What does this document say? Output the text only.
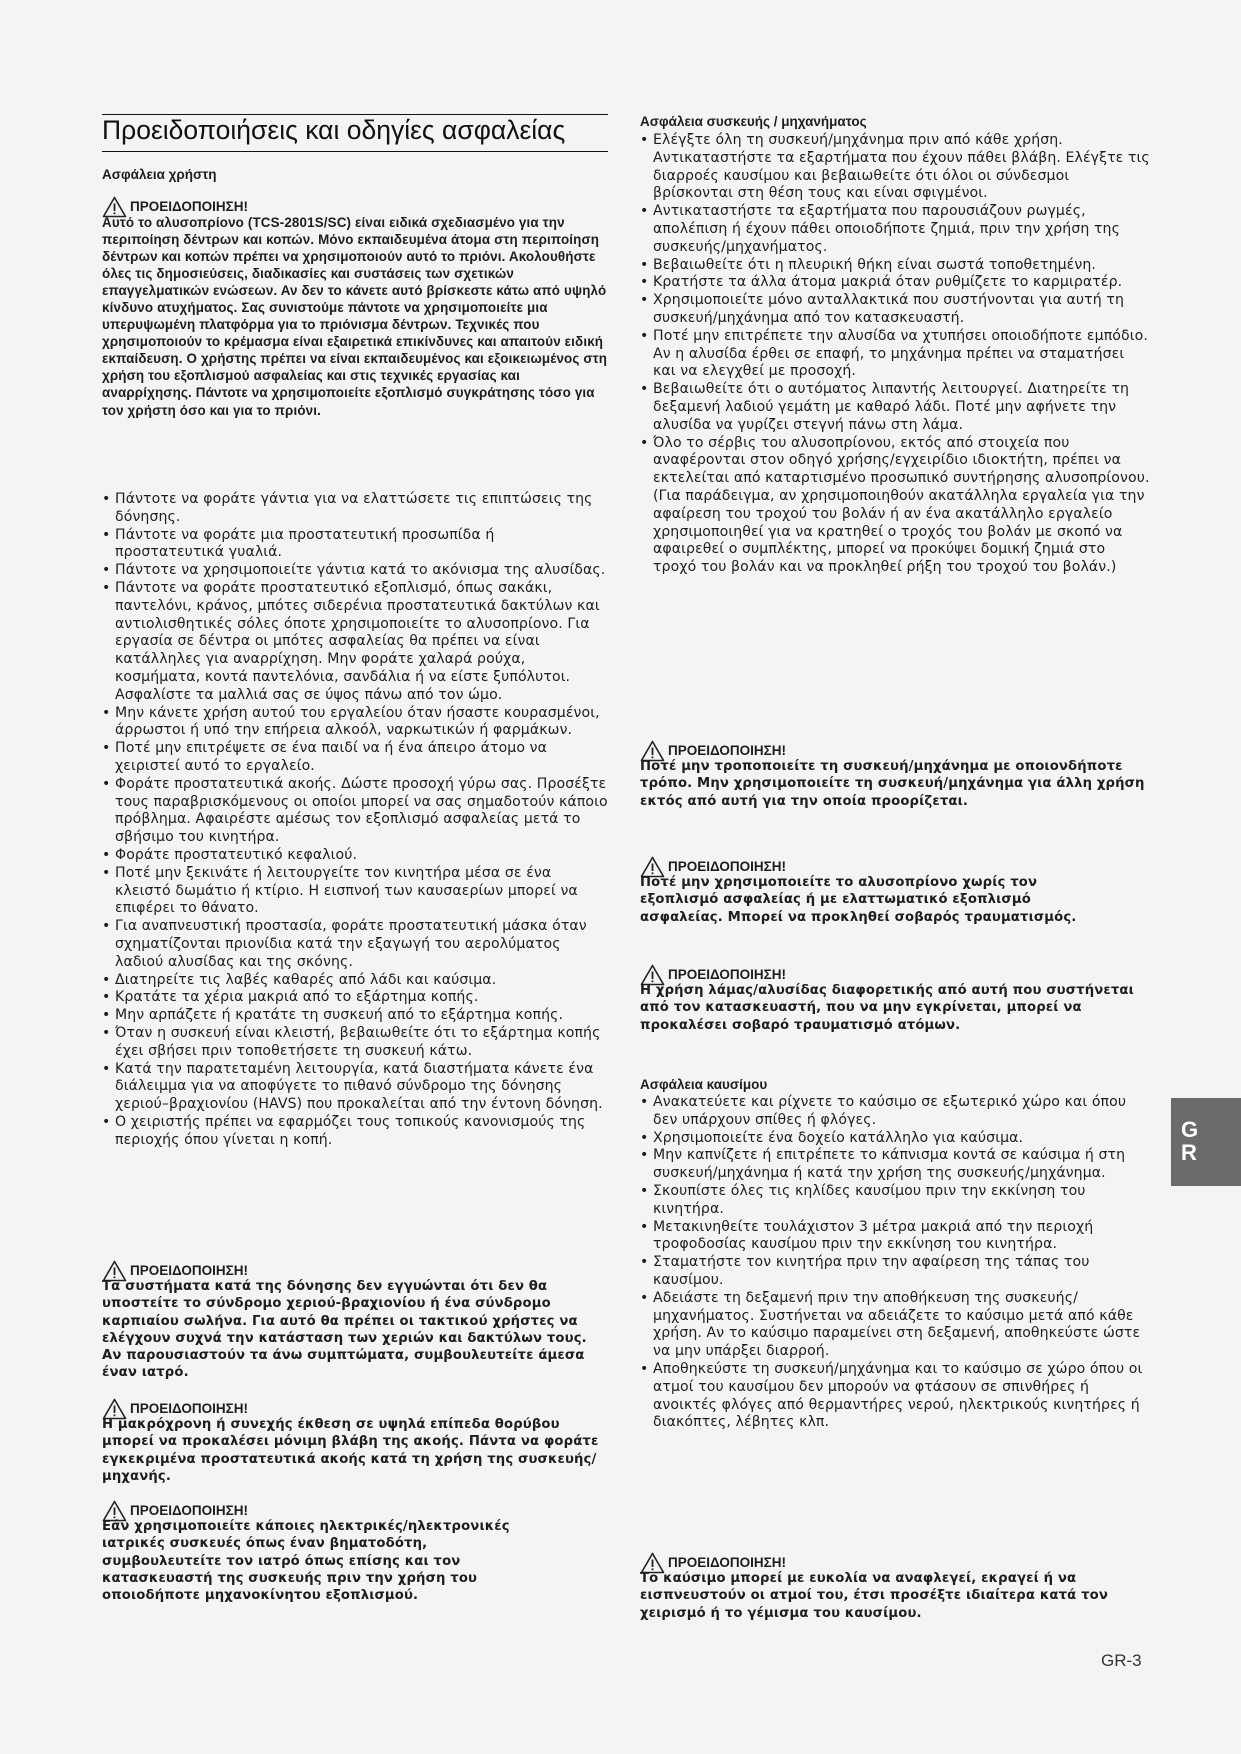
Προειδοποιήσεις και οδηγίες ασφαλείας
Ασφάλεια χρήστη
ΠΡΟΕΙΔΟΠΟΙΗΣΗ!

Αυτό το αλυσοπρίονο (TCS-2801S/SC) είναι ειδικά σχεδιασμένο για την περιποίηση δέντρων και κοπών. Μόνο εκπαιδευμένα άτομα στη περιποίηση δέντρων και κοπών πρέπει να χρησιμοποιούν αυτό το πριόνι. Ακολουθήστε όλες τις δημοσιεύσεις, διαδικασίες και συστάσεις των σχετικών επαγγελματικών ενώσεων. Αν δεν το κάνετε αυτό βρίσκεστε κάτω από υψηλό κίνδυνο ατυχήματος. Σας συνιστούμε πάντοτε να χρησιμοποιείτε μια υπερυψωμένη πλατφόρμα για το πριόνισμα δέντρων. Τεχνικές που χρησιμοποιούν το κρέμασμα είναι εξαιρετικά επικίνδυνες και απαιτούν ειδική εκπαίδευση. Ο χρήστης πρέπει να είναι εκπαιδευμένος και εξοικειωμένος στη χρήση του εξοπλισμού ασφαλείας και στις τεχνικές εργασίας και αναρρίχησης. Πάντοτε να χρησιμοποιείτε εξοπλισμό συγκράτησης τόσο για τον χρήστη όσο και για το πριόνι.

• Πάντοτε να φοράτε γάντια για να ελαττώσετε τις επιπτώσεις της δόνησης.
• Πάντοτε να φοράτε μια προστατευτική προσωπίδα ή προστατευτικά γυαλιά.
• Πάντοτε να χρησιμοποιείτε γάντια κατά το ακόνισμα της αλυσίδας.
• Πάντοτε να φοράτε προστατευτικό εξοπλισμό, όπως σακάκι, παντελόνι, κράνος, μπότες σιδερένια προστατευτικά δακτύλων και αντιολισθητικές σόλες όποτε χρησιμοποιείτε το αλυσοπρίονο. Για εργασία σε δέντρα οι μπότες ασφαλείας θα πρέπει να είναι κατάλληλες για αναρρίχηση. Μην φοράτε χαλαρά ρούχα, κοσμήματα, κοντά παντελόνια, σανδάλια ή να είστε ξυπόλυτοι. Ασφαλίστε τα μαλλιά σας σε ύψος πάνω από τον ώμο.
• Μην κάνετε χρήση αυτού του εργαλείου όταν ήσαστε κουρασμένοι, άρρωστοι ή υπό την επήρεια αλκοόλ, ναρκωτικών ή φαρμάκων.
• Ποτέ μην επιτρέψετε σε ένα παιδί να ή ένα άπειρο άτομο να χειριστεί αυτό το εργαλείο.
• Φοράτε προστατευτικά ακοής. Δώστε προσοχή γύρω σας. Προσέξτε τους παραβρισκόμενους οι οποίοι μπορεί να σας σημαδοτούν κάποιο πρόβλημα. Αφαιρέστε αμέσως τον εξοπλισμό ασφαλείας μετά το σβήσιμο του κινητήρα.
• Φοράτε προστατευτικό κεφαλιού.
• Ποτέ μην ξεκινάτε ή λειτουργείτε τον κινητήρα μέσα σε ένα κλειστό δωμάτιο ή κτίριο. Η εισπνοή των καυσαερίων μπορεί να επιφέρει το θάνατο.
• Για αναπνευστική προστασία, φοράτε προστατευτική μάσκα όταν σχηματίζονται πριονίδια κατά την εξαγωγή του αερολύματος λαδιού αλυσίδας και της σκόνης.
• Διατηρείτε τις λαβές καθαρές από λάδι και καύσιμα.
• Κρατάτε τα χέρια μακριά από το εξάρτημα κοπής.
• Μην αρπάζετε ή κρατάτε τη συσκευή από το εξάρτημα κοπής.
• Όταν η συσκευή είναι κλειστή, βεβαιωθείτε ότι το εξάρτημα κοπής έχει σβήσει πριν τοποθετήσετε τη συσκευή κάτω.
• Κατά την παρατεταμένη λειτουργία, κατά διαστήματα κάνετε ένα διάλειμμα για να αποφύγετε το πιθανό σύνδρομο της δόνησης χεριού–βραχιονίου (HAVS) που προκαλείται από την έντονη δόνηση.
• Ο χειριστής πρέπει να εφαρμόζει τους τοπικούς κανονισμούς της περιοχής όπου γίνεται η κοπή.
ΠΡΟΕΙΔΟΠΟΙΗΣΗ!

Τα συστήματα κατά της δόνησης δεν εγγυώνται ότι δεν θα υποστείτε το σύνδρομο χεριού-βραχιονίου ή ένα σύνδρομο καρπιαίου σωλήνα. Για αυτό θα πρέπει οι τακτικού χρήστες να ελέγχουν συχνά την κατάσταση των χεριών και δακτύλων τους. Αν παρουσιαστούν τα άνω συμπτώματα, συμβουλευτείτε άμεσα έναν ιατρό.

ΠΡΟΕΙΔΟΠΟΙΗΣΗ!

Η μακρόχρονη ή συνεχής έκθεση σε υψηλά επίπεδα θορύβου μπορεί να προκαλέσει μόνιμη βλάβη της ακοής. Πάντα να φοράτε εγκεκριμένα προστατευτικά ακοής κατά τη χρήση της συσκευής/μηχανής.

ΠΡΟΕΙΔΟΠΟΙΗΣΗ!

Εάν χρησιμοποιείτε κάποιες ηλεκτρικές/ηλεκτρονικές ιατρικές συσκευές όπως έναν βηματοδότη, συμβουλευτείτε τον ιατρό όπως επίσης και τον κατασκευαστή της συσκευής πριν την χρήση του οποιοδήποτε μηχανοκίνητου εξοπλισμού.

Ασφάλεια συσκευής / μηχανήματος
• Ελέγξτε όλη τη συσκευή/μηχάνημα πριν από κάθε χρήση. Αντικαταστήστε τα εξαρτήματα που έχουν πάθει βλάβη. Ελέγξτε τις διαρροές καυσίμου και βεβαιωθείτε ότι όλοι οι σύνδεσμοι βρίσκονται στη θέση τους και είναι σφιγμένοι.
• Αντικαταστήστε τα εξαρτήματα που παρουσιάζουν ρωγμές, απολέπιση ή έχουν πάθει οποιοδήποτε ζημιά, πριν την χρήση της συσκευής/μηχανήματος.
• Βεβαιωθείτε ότι η πλευρική θήκη είναι σωστά τοποθετημένη.
• Κρατήστε τα άλλα άτομα μακριά όταν ρυθμίζετε το καρμιρατέρ.
• Χρησιμοποιείτε μόνο ανταλλακτικά που συστήνονται για αυτή τη συσκευή/μηχάνημα από τον κατασκευαστή.
• Ποτέ μην επιτρέπετε την αλυσίδα να χτυπήσει οποιοδήποτε εμπόδιο. Αν η αλυσίδα έρθει σε επαφή, το μηχάνημα πρέπει να σταματήσει και να ελεγχθεί με προσοχή.
• Βεβαιωθείτε ότι ο αυτόματος λιπαντής λειτουργεί. Διατηρείτε τη δεξαμενή λαδιού γεμάτη με καθαρό λάδι. Ποτέ μην αφήνετε την αλυσίδα να γυρίζει στεγνή πάνω στη λάμα.
• Όλο το σέρβις του αλυσοπρίονου, εκτός από στοιχεία που αναφέρονται στον οδηγό χρήσης/εγχειρίδιο ιδιοκτήτη, πρέπει να εκτελείται από καταρτισμένο προσωπικό συντήρησης αλυσοπρίονου. (Για παράδειγμα, αν χρησιμοποιηθούν ακατάλληλα εργαλεία για την αφαίρεση του τροχού του βολάν ή αν ένα ακατάλληλο εργαλείο χρησιμοποιηθεί για να κρατηθεί ο τροχός του βολάν με σκοπό να αφαιρεθεί ο συμπλέκτης, μπορεί να προκύψει δομική ζημιά στο τροχό του βολάν και να προκληθεί ρήξη του τροχού του βολάν.)
ΠΡΟΕΙΔΟΠΟΙΗΣΗ!

Ποτέ μην τροποποιείτε τη συσκευή/μηχάνημα με οποιονδήποτε τρόπο. Μην χρησιμοποιείτε τη συσκευή/μηχάνημα για άλλη χρήση εκτός από αυτή για την οποία προορίζεται.

ΠΡΟΕΙΔΟΠΟΙΗΣΗ!

Ποτέ μην χρησιμοποιείτε το αλυσοπρίονο χωρίς τον εξοπλισμό ασφαλείας ή με ελαττωματικό εξοπλισμό ασφαλείας. Μπορεί να προκληθεί σοβαρός τραυματισμός.

ΠΡΟΕΙΔΟΠΟΙΗΣΗ!

Η χρήση λάμας/αλυσίδας διαφορετικής από αυτή που συστήνεται από τον κατασκευαστή, που να μην εγκρίνεται, μπορεί να προκαλέσει σοβαρό τραυματισμό ατόμων.

Ασφάλεια καυσίμου
• Ανακατεύετε και ρίχνετε το καύσιμο σε εξωτερικό χώρο και όπου δεν υπάρχουν σπίθες ή φλόγες.
• Χρησιμοποιείτε ένα δοχείο κατάλληλο για καύσιμα.
• Μην καπνίζετε ή επιτρέπετε το κάπνισμα κοντά σε καύσιμα ή στη συσκευή/μηχάνημα ή κατά την χρήση της συσκευής/μηχάνημα.
• Σκουπίστε όλες τις κηλίδες καυσίμου πριν την εκκίνηση του κινητήρα.
• Μετακινηθείτε τουλάχιστον 3 μέτρα μακριά από την περιοχή τροφοδοσίας καυσίμου πριν την εκκίνηση του κινητήρα.
• Σταματήστε τον κινητήρα πριν την αφαίρεση της τάπας του καυσίμου.
• Αδειάστε τη δεξαμενή πριν την αποθήκευση της συσκευής/ μηχανήματος. Συστήνεται να αδειάζετε το καύσιμο μετά από κάθε χρήση. Αν το καύσιμο παραμείνει στη δεξαμενή, αποθηκεύστε ώστε να μην υπάρξει διαρροή.
• Αποθηκεύστε τη συσκευή/μηχάνημα και το καύσιμο σε χώρο όπου οι ατμοί του καυσίμου δεν μπορούν να φτάσουν σε σπινθήρες ή ανοικτές φλόγες από θερμαντήρες νερού, ηλεκτρικούς κινητήρες ή διακόπτες, λέβητες κλπ.
ΠΡΟΕΙΔΟΠΟΙΗΣΗ!

Το καύσιμο μπορεί με ευκολία να αναφλεγεί, εκραγεί ή να εισπνευστούν οι ατμοί του, έτσι προσέξτε ιδιαίτερα κατά τον χειρισμό ή το γέμισμα του καυσίμου.

G
R
GR-3
